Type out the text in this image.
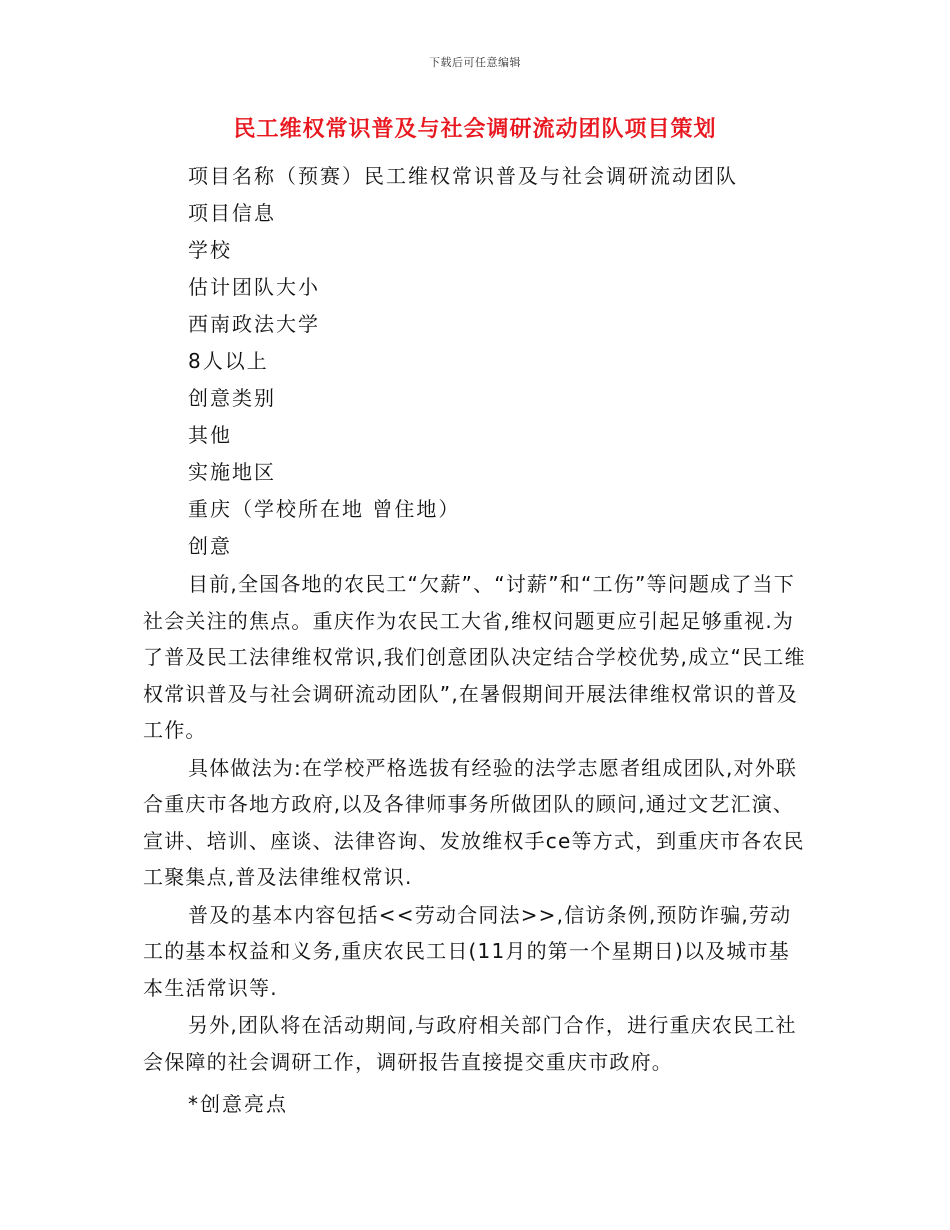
下载后可任意编辑
民工维权常识普及与社会调研流动团队项目策划
项目名称（预赛）民工维权常识普及与社会调研流动团队
项目信息
学校
估计团队大小
西南政法大学
8人以上
创意类别
其他
实施地区
重庆（学校所在地 曾住地）
创意

目前,全国各地的农民工“欠薪”、“讨薪”和“工伤”等问题成了当下社会关注的焦点。重庆作为农民工大省,维权问题更应引起足够重视.为了普及民工法律维权常识,我们创意团队决定结合学校优势,成立“民工维权常识普及与社会调研流动团队”,在暑假期间开展法律维权常识的普及工作。

具体做法为:在学校严格选拔有经验的法学志愿者组成团队,对外联合重庆市各地方政府,以及各律师事务所做团队的顾问,通过文艺汇演、宣讲、培训、座谈、法律咨询、发放维权手ce等方式，到重庆市各农民工聚集点,普及法律维权常识.

普及的基本内容包括<<劳动合同法>>,信访条例,预防诈骗,劳动工的基本权益和义务,重庆农民工日(11月的第一个星期日)以及城市基本生活常识等.

另外,团队将在活动期间,与政府相关部门合作，进行重庆农民工社会保障的社会调研工作，调研报告直接提交重庆市政府。

*创意亮点
